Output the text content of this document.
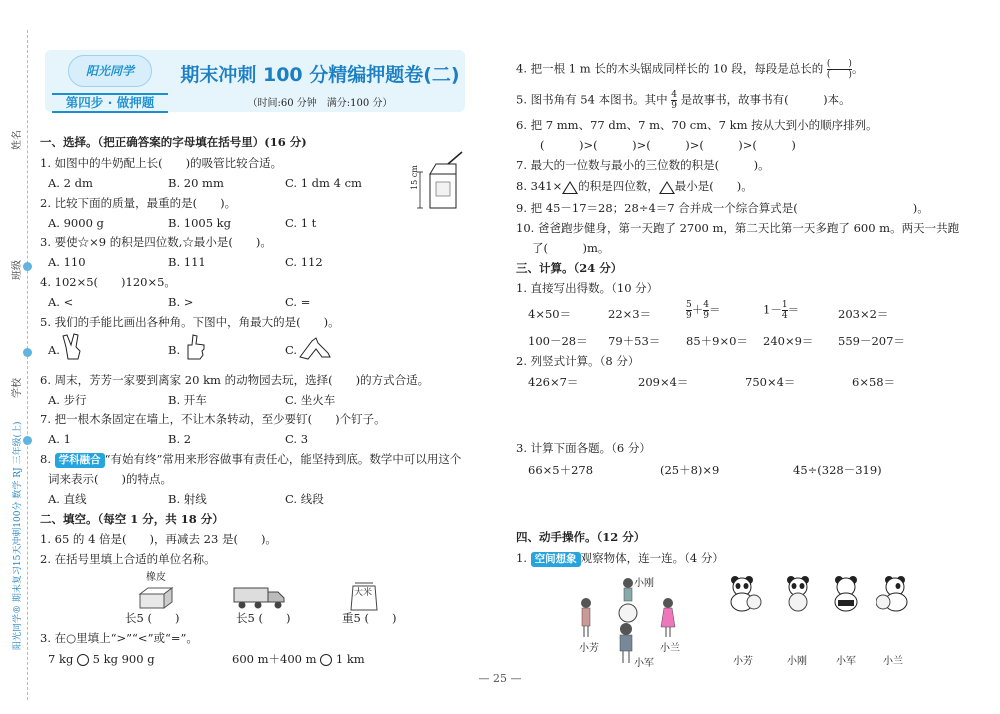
姓名
班级
学校
阳光同学® 期末复习15天冲刺100分 数学 RJ 三年级(上)
阳光同学
第四步 · 做押题
期末冲刺 100 分精编押题卷(二)
（时间:60 分钟　满分:100 分）
一、选择。（把正确答案的字母填在括号里）(16 分)
1. 如图中的牛奶配上长(　　)的吸管比较合适。
A. 2 dm	B. 20 mm	C. 1 dm 4 cm	15 cm
2. 比较下面的质量，最重的是(　　)。
A. 9000 g	B. 1005 kg	C. 1 t
3. 要使☆×9 的积是四位数,☆最小是(　　)。
A. 110	B. 111	C. 112
4. 102×5(　　)120×5。
A. <	B. >	C. =
5. 我们的手能比画出各种角。下图中，角最大的是(　　)。
A.	B.	C.
6. 周末，芳芳一家要到离家 20 km 的动物园去玩，选择(　　)的方式合适。
A. 步行	B. 开车	C. 坐火车
7. 把一根木条固定在墙上，不让木条转动，至少要钉(　　)个钉子。
A. 1	B. 2	C. 3
8. 学科融合 “有始有终”常用来形容做事有责任心，能坚持到底。数学中可以用这个
词来表示(　　)的特点。
A. 直线	B. 射线	C. 线段
二、填空。（每空 1 分，共 18 分）
1. 65 的 4 倍是(　　)，再减去 23 是(　　)。
2. 在括号里填上合适的单位名称。
橡皮
大米
长5 (　　)	长5 (　　)	重5 (　　)
3. 在○里填上“>”“<”或“=”。
7 kg 5 kg 900 g	600 m＋400 m 1 km
4. 把一根 1 m 长的木头锯成同样长的 10 段，每段是总长的 $\frac{( )}{( )}$ 。
5. 图书角有 54 本图书。其中 $\frac{4}{9}$ 是故事书，故事书有(　　　)本。
6. 把 7 mm、77 dm、7 m、70 cm、7 km 按从大到小的顺序排列。
(　　　)>(　　　)>(　　　)>(　　　)>(　　　)
7. 最大的一位数与最小的三位数的积是(　　　)。
8. 341× 的积是四位数， 最小是(　　)。
9. 把 45－17＝28；28÷4＝7 合并成一个综合算式是(　　　　　　　　　　)。
10. 爸爸跑步健身，第一天跑了 2700 m，第二天比第一天多跑了 600 m。两天一共跑
了(　　　)m。
三、计算。（24 分）
1. 直接写出得数。（10 分）
4×50＝	22×3＝	$\frac{5}{9} + \frac{4}{9}$ ＝	$1- \frac{1}{4}$ ＝	203×2＝
100－28＝ 79＋53＝ 85＋9×0＝ 240×9＝ 559－207＝
2. 列竖式计算。（8 分）
426×7＝	209×4＝	750×4＝	6×58＝
3. 计算下面各题。（6 分）
66×5＋278	(25＋8)×9	45÷(328－319)
四、动手操作。（12 分）
1. 空间想象 观察物体，连一连。（4 分）
小刚
小芳	小兰
小军	小芳	小刚	小军	小兰
— 25 —
